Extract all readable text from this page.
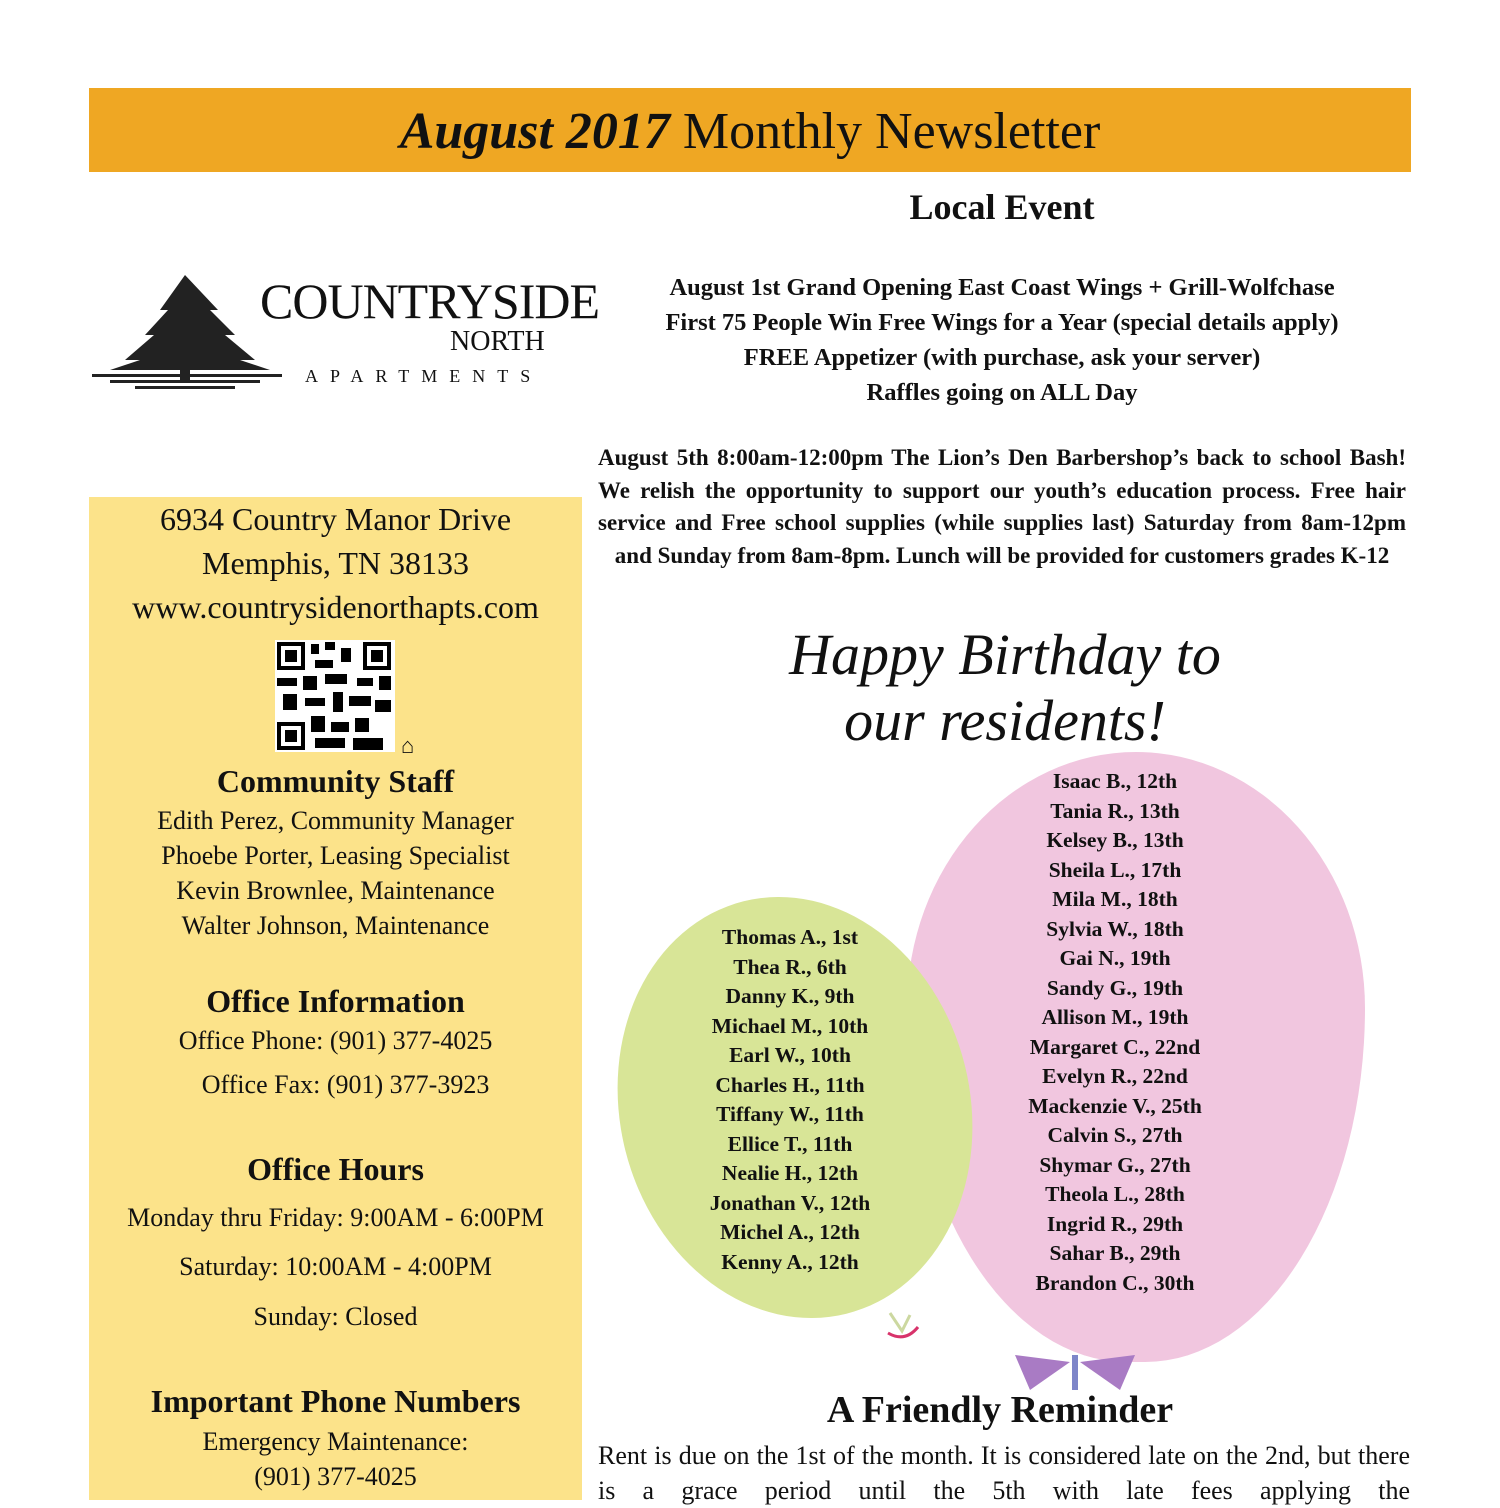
August 2017 Monthly Newsletter
COUNTRYSIDE
NORTH
APARTMENTS
Local Event
August 1st Grand Opening East Coast Wings + Grill-Wolfchase
First 75 People Win Free Wings for a Year (special details apply)
FREE Appetizer (with purchase, ask your server)
Raffles going on ALL Day
August 5th 8:00am-12:00pm The Lion’s Den Barbershop’s back to school Bash! We relish the opportunity to support our youth’s education process. Free hair service and Free school supplies (while supplies last) Saturday from 8am-12pm and Sunday from 8am-8pm. Lunch will be provided for customers grades K-12
Happy Birthday to
our residents!
Thomas A., 1st
Thea R., 6th
Danny K., 9th
Michael M., 10th
Earl W., 10th
Charles H., 11th
Tiffany W., 11th
Ellice T., 11th
Nealie H., 12th
Jonathan V., 12th
Michel A., 12th
Kenny A., 12th
Isaac B., 12th
Tania R., 13th
Kelsey B., 13th
Sheila L., 17th
Mila M., 18th
Sylvia W., 18th
Gai N., 19th
Sandy G., 19th
Allison M., 19th
Margaret C., 22nd
Evelyn R., 22nd
Mackenzie V., 25th
Calvin S., 27th
Shymar G., 27th
Theola L., 28th
Ingrid R., 29th
Sahar B., 29th
Brandon C., 30th
6934 Country Manor Drive
Memphis, TN 38133
www.countrysidenorthapts.com
⌂
Community Staff
Edith Perez, Community Manager
Phoebe Porter, Leasing Specialist
Kevin Brownlee, Maintenance
Walter Johnson, Maintenance
Office Information
Office Phone: (901) 377-4025
Office Fax: (901) 377-3923
Office Hours
Monday thru Friday: 9:00AM - 6:00PM
Saturday: 10:00AM - 4:00PM
Sunday: Closed
Important Phone Numbers
Emergency Maintenance:
(901) 377-4025
A Friendly Reminder
Rent is due on the 1st of the month. It is considered late on the 2nd, but there is a grace period until the 5th with late fees applying the
